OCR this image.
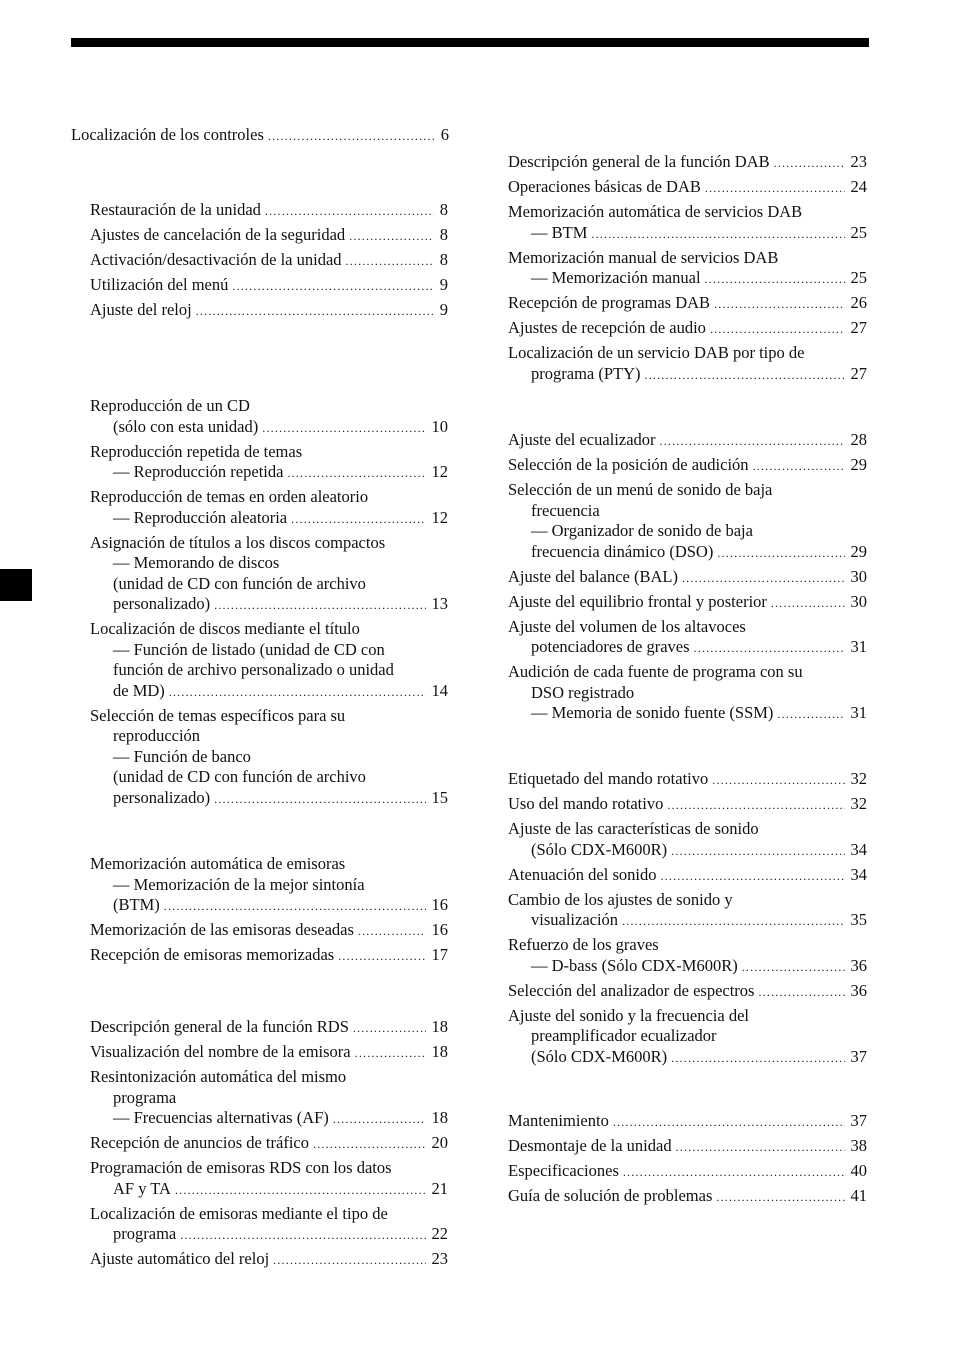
Localización de los controles .....	6
Restauración de la unidad .....	8
Ajustes de cancelación de la seguridad .....	8
Activación/desactivación de la unidad .....	8
Utilización del menú .....	9
Ajuste del reloj .....	9
Reproducción de un CD
(sólo con esta unidad) .....	10
Reproducción repetida de temas
— Reproducción repetida .....	12
Reproducción de temas en orden aleatorio
— Reproducción aleatoria .....	12
Asignación de títulos a los discos compactos
— Memorando de discos
(unidad de CD con función de archivo
personalizado) .....	13
Localización de discos mediante el título
— Función de listado (unidad de CD con
función de archivo personalizado o unidad
de MD) .....	14
Selección de temas específicos para su
reproducción
— Función de banco
(unidad de CD con función de archivo
personalizado) .....	15
Memorización automática de emisoras
— Memorización de la mejor sintonía
(BTM) .....	16
Memorización de las emisoras deseadas .....	16
Recepción de emisoras memorizadas .....	17
Descripción general de la función RDS .....	18
Visualización del nombre de la emisora .....	18
Resintonización automática del mismo
programa
— Frecuencias alternativas (AF) .....	18
Recepción de anuncios de tráfico .....	20
Programación de emisoras RDS con los datos
AF y TA .....	21
Localización de emisoras mediante el tipo de
programa .....	22
Ajuste automático del reloj .....	23
Descripción general de la función DAB .....	23
Operaciones básicas de DAB .....	24
Memorización automática de servicios DAB
— BTM .....	25
Memorización manual de servicios DAB
— Memorización manual .....	25
Recepción de programas DAB .....	26
Ajustes de recepción de audio .....	27
Localización de un servicio DAB por tipo de
programa (PTY) .....	27
Ajuste del ecualizador .....	28
Selección de la posición de audición .....	29
Selección de un menú de sonido de baja
frecuencia
— Organizador de sonido de baja
frecuencia dinámico (DSO) .....	29
Ajuste del balance (BAL) .....	30
Ajuste del equilibrio frontal y posterior .....	30
Ajuste del volumen de los altavoces
potenciadores de graves .....	31
Audición de cada fuente de programa con su
DSO registrado
— Memoria de sonido fuente (SSM) .....	31
Etiquetado del mando rotativo .....	32
Uso del mando rotativo .....	32
Ajuste de las características de sonido
(Sólo CDX-M600R) .....	34
Atenuación del sonido .....	34
Cambio de los ajustes de sonido y
visualización .....	35
Refuerzo de los graves
— D-bass (Sólo CDX-M600R) .....	36
Selección del analizador de espectros .....	36
Ajuste del sonido y la frecuencia del
preamplificador ecualizador
(Sólo CDX-M600R) .....	37
Mantenimiento .....	37
Desmontaje de la unidad .....	38
Especificaciones .....	40
Guía de solución de problemas .....	41
